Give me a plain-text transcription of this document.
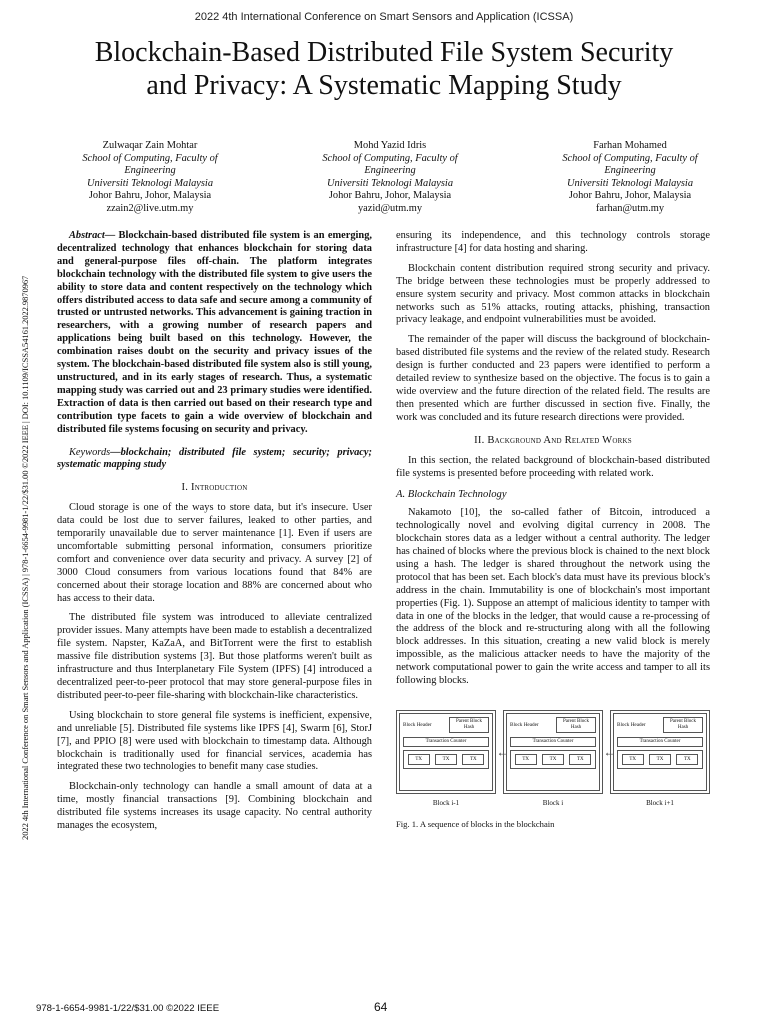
2022 4th International Conference on Smart Sensors and Application (ICSSA)
Blockchain-Based Distributed File System Security
and Privacy: A Systematic Mapping Study
Zulwaqar Zain Mohtar
School of Computing, Faculty of
Engineering
Universiti Teknologi Malaysia
Johor Bahru, Johor, Malaysia
zzain2@live.utm.my
Mohd Yazid Idris
School of Computing, Faculty of
Engineering
Universiti Teknologi Malaysia
Johor Bahru, Johor, Malaysia
yazid@utm.my
Farhan Mohamed
School of Computing, Faculty of
Engineering
Universiti Teknologi Malaysia
Johor Bahru, Johor, Malaysia
farhan@utm.my
2022 4th International Conference on Smart Sensors and Application (ICSSA) | 978-1-6654-9981-1/22/$31.00 ©2022 IEEE | DOI: 10.1109/ICSSA54161.2022.9870967

Abstract— Blockchain-based distributed file system is an emerging, decentralized technology that enhances blockchain for storing data and general-purpose files off-chain. The platform integrates blockchain technology with the distributed file system to give users the ability to store data and content respectively on the technology which offers distributed access to data safe and secure among a community of trusted or untrusted networks. This advancement is gaining traction in researchers, with a growing number of research papers and applications being built based on this technology. However, the combination raises doubt on the security and privacy issues of the system. The blockchain-based distributed file system also is still young, unstructured, and in its early stages of research. Thus, a systematic mapping study was carried out and 23 primary studies were identified. Extraction of data is then carried out based on their research type and contribution type facets to gain a wide overview of blockchain and distributed file systems focusing on security and privacy.

Keywords—blockchain; distributed file system; security; privacy; systematic mapping study

I. Introduction

Cloud storage is one of the ways to store data, but it's insecure. User data could be lost due to server failures, leaked to other parties, and temporarily unavailable due to server maintenance [1]. Even if users are uncomfortable submitting personal information, consumers prioritize comfort and convenience over data security and privacy. A survey [2] of 3000 Cloud consumers from various locations found that 84% are concerned about their storage location and 88% are concerned about who has access to their data.

The distributed file system was introduced to alleviate centralized provider issues. Many attempts have been made to establish a decentralized file system. Napster, KaZaA, and BitTorrent were the first to establish massive file distribution systems [3]. But those platforms weren't built as infrastructure and thus Interplanetary File System (IPFS) [4] introduced a decentralized peer-to-peer protocol that may store general-purpose files in distributed peer-to-peer file-sharing with blockchain-like characteristics.

Using blockchain to store general file systems is inefficient, expensive, and unreliable [5]. Distributed file systems like IPFS [4], Swarm [6], StorJ [7], and PPIO [8] were used with blockchain to timestamp data. Although blockchain is traditionally used for financial services, academia has integrated these two technologies to benefit many case studies.

Blockchain-only technology can handle a small amount of data at a time, mostly financial transactions [9]. Combining blockchain and distributed file systems increases its usage capacity. No central authority manages the ecosystem,

ensuring its independence, and this technology controls storage infrastructure [4] for data hosting and sharing.

Blockchain content distribution required strong security and privacy. The bridge between these technologies must be properly addressed to ensure system security and privacy. Most common attacks in blockchain networks such as 51% attacks, routing attacks, phishing, transaction privacy leakage, and endpoint vulnerabilities must be avoided.

The remainder of the paper will discuss the background of blockchain-based distributed file systems and the review of the related study. Research design is further conducted and 23 papers were identified to perform a detailed review to synthesize based on the objective. The focus is to gain a wide overview and the future direction of the related field. The results are then presented which are further discussed in section five. Finally, the work was concluded and its future research directions were provided.

II. Background And Related Works

In this section, the related background of blockchain-based distributed file systems is presented before proceeding with related work.

A. Blockchain Technology

Nakamoto [10], the so-called father of Bitcoin, introduced a technologically novel and evolving digital currency in 2008. The blockchain stores data as a ledger without a central authority. The ledger has chained of blocks where the previous block is chained to the next block using a hash. The ledger is shared throughout the network using the protocol that has been set. Each block's data must have its previous block's address in the chain. Immutability is one of blockchain's most important properties (Fig. 1). Suppose an attempt of malicious identity to tamper with data in one of the blocks in the ledger, that would cause a re-processing of the address of the block and re-structuring along with all the following block addresses. In this situation, creating a new valid block is merely impossible, as the malicious attacker needs to have the majority of the network computational power to gain the write access and tamper to all its following blocks.

Block Header
Parent Block Hash
Transaction Counter
TX	TX	TX
←
Block Header
Parent Block Hash
Transaction Counter
TX	TX	TX
←
Block Header
Parent Block Hash
Transaction Counter
TX	TX	TX
Block i-1	Block i	Block i+1
Fig. 1. A sequence of blocks in the blockchain
978-1-6654-9981-1/22/$31.00 ©2022 IEEE	64
